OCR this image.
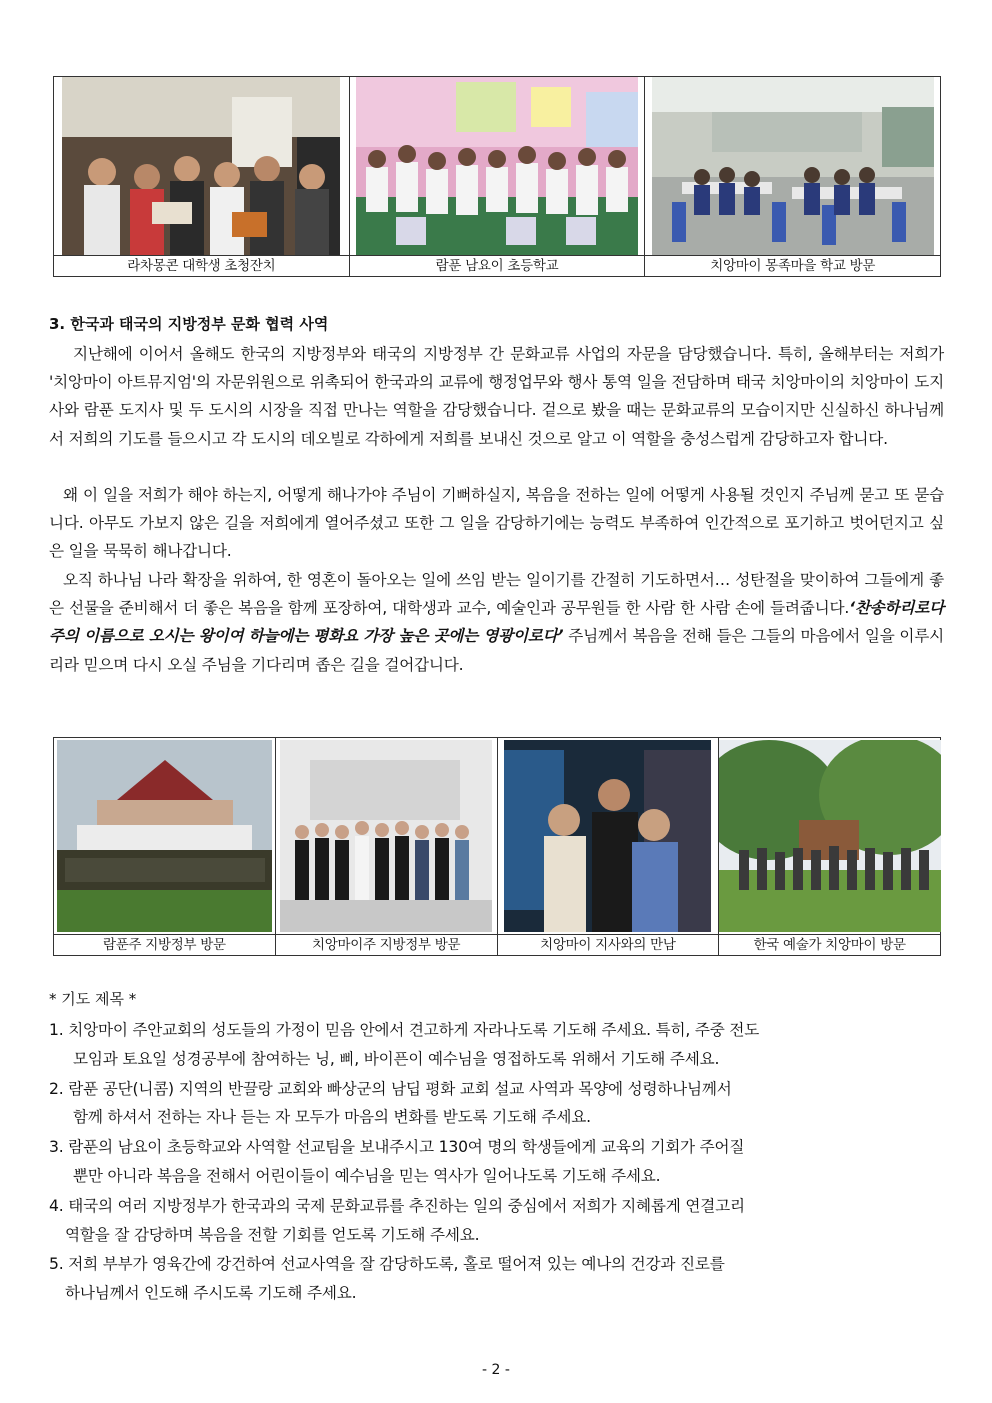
라차몽콘 대학생 초청잔치	람푼 남요이 초등학교	치앙마이 몽족마을 학교 방문
3. 한국과 태국의 지방정부 문화 협력 사역

지난해에 이어서 올해도 한국의 지방정부와 태국의 지방정부 간 문화교류 사업의 자문을 담당했습니다. 특히, 올해부터는 저희가 '치앙마이 아트뮤지엄'의 자문위원으로 위촉되어 한국과의 교류에 행정업무와 행사 통역 일을 전담하며 태국 치앙마이의 치앙마이 도지사와 람푼 도지사 및 두 도시의 시장을 직접 만나는 역할을 감당했습니다. 겉으로 봤을 때는 문화교류의 모습이지만 신실하신 하나님께서 저희의 기도를 들으시고 각 도시의 데오빌로 각하에게 저희를 보내신 것으로 알고 이 역할을 충성스럽게 감당하고자 합니다.

왜 이 일을 저희가 해야 하는지, 어떻게 해나가야 주님이 기뻐하실지, 복음을 전하는 일에 어떻게 사용될 것인지 주님께 묻고 또 묻습니다. 아무도 가보지 않은 길을 저희에게 열어주셨고 또한 그 일을 감당하기에는 능력도 부족하여 인간적으로 포기하고 벗어던지고 싶은 일을 묵묵히 해나갑니다.

오직 하나님 나라 확장을 위하여, 한 영혼이 돌아오는 일에 쓰임 받는 일이기를 간절히 기도하면서… 성탄절을 맞이하여 그들에게 좋은 선물을 준비해서 더 좋은 복음을 함께 포장하여, 대학생과 교수, 예술인과 공무원들 한 사람 한 사람 손에 들려줍니다.‘찬송하리로다 주의 이름으로 오시는 왕이여 하늘에는 평화요 가장 높은 곳에는 영광이로다’ 주님께서 복음을 전해 들은 그들의 마음에서 일을 이루시리라 믿으며 다시 오실 주님을 기다리며 좁은 길을 걸어갑니다.

람푼주 지방정부 방문	치앙마이주 지방정부 방문	치앙마이 지사와의 만남	한국 예술가 치앙마이 방문
* 기도 제목 *
1. 치앙마이 주안교회의 성도들의 가정이 믿음 안에서 견고하게 자라나도록 기도해 주세요. 특히, 주중 전도
모임과 토요일 성경공부에 참여하는 닝, 삐, 바이픈이 예수님을 영접하도록 위해서 기도해 주세요.
2. 람푼 공단(니콤) 지역의 반끌랑 교회와 빠상군의 남딥 평화 교회 설교 사역과 목양에 성령하나님께서
함께 하셔서 전하는 자나 듣는 자 모두가 마음의 변화를 받도록 기도해 주세요.
3. 람푼의 남요이 초등학교와 사역할 선교팀을 보내주시고 130여 명의 학생들에게 교육의 기회가 주어질
뿐만 아니라 복음을 전해서 어린이들이 예수님을 믿는 역사가 일어나도록 기도해 주세요.
4. 태국의 여러 지방정부가 한국과의 국제 문화교류를 추진하는 일의 중심에서 저희가 지혜롭게 연결고리
역할을 잘 감당하며 복음을 전할 기회를 얻도록 기도해 주세요.
5. 저희 부부가 영육간에 강건하여 선교사역을 잘 감당하도록, 홀로 떨어져 있는 예나의 건강과 진로를
하나님께서 인도해 주시도록 기도해 주세요.
- 2 -
